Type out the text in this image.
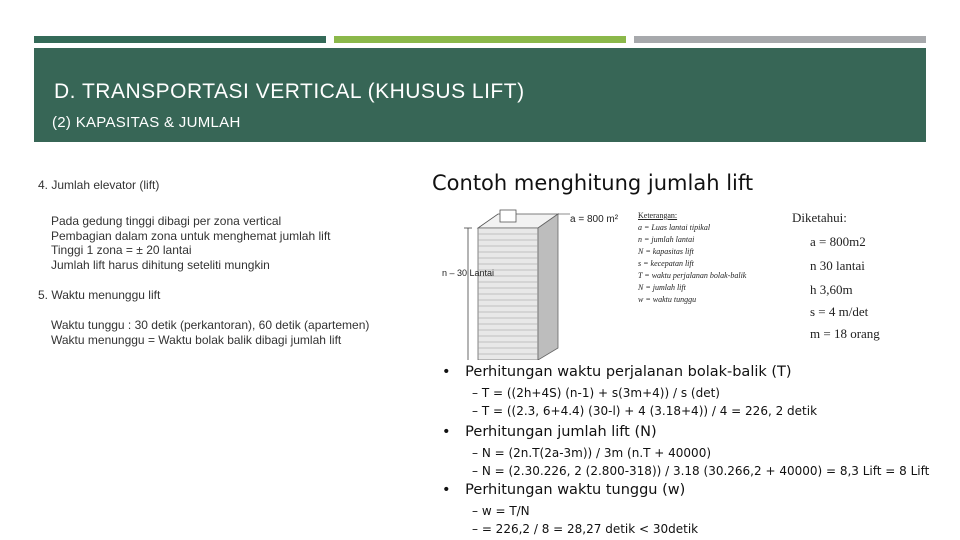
D. TRANSPORTASI VERTICAL (KHUSUS LIFT)
(2) KAPASITAS & JUMLAH

4. Jumlah elevator (lift)

Pada gedung tinggi dibagi per zona vertical

Pembagian dalam zona untuk menghemat jumlah lift

Tinggi 1 zona = ± 20 lantai

Jumlah lift harus dihitung seteliti mungkin

5. Waktu menunggu lift

Waktu tunggu : 30 detik (perkantoran), 60 detik (apartemen)

Waktu menunggu = Waktu bolak balik dibagi jumlah lift

Contoh menghitung jumlah lift
a = 800 m²
n – 30 Lantai
Keterangan:
a = Luas lantai tipikal
n = jumlah lantai
N = kapasitas lift
s = kecepatan lift
T = waktu perjalanan bolak-balik
N = jumlah lift
w = waktu tunggu
Diketahui:
a = 800m2
n 30 lantai
h 3,60m
s = 4 m/det
m = 18 orang
• Perhitungan waktu perjalanan bolak-balik (T)
– T = ((2h+4S) (n-1) + s(3m+4)) / s (det)
– T = ((2.3, 6+4.4) (30-l) + 4 (3.18+4)) / 4 = 226, 2 detik
• Perhitungan jumlah lift (N)
– N = (2n.T(2a-3m)) / 3m (n.T + 40000)
– N = (2.30.226, 2 (2.800-318)) / 3.18 (30.266,2 + 40000) = 8,3 Lift = 8 Lift
• Perhitungan waktu tunggu (w)
– w = T/N
– = 226,2 / 8 = 28,27 detik < 30detik
